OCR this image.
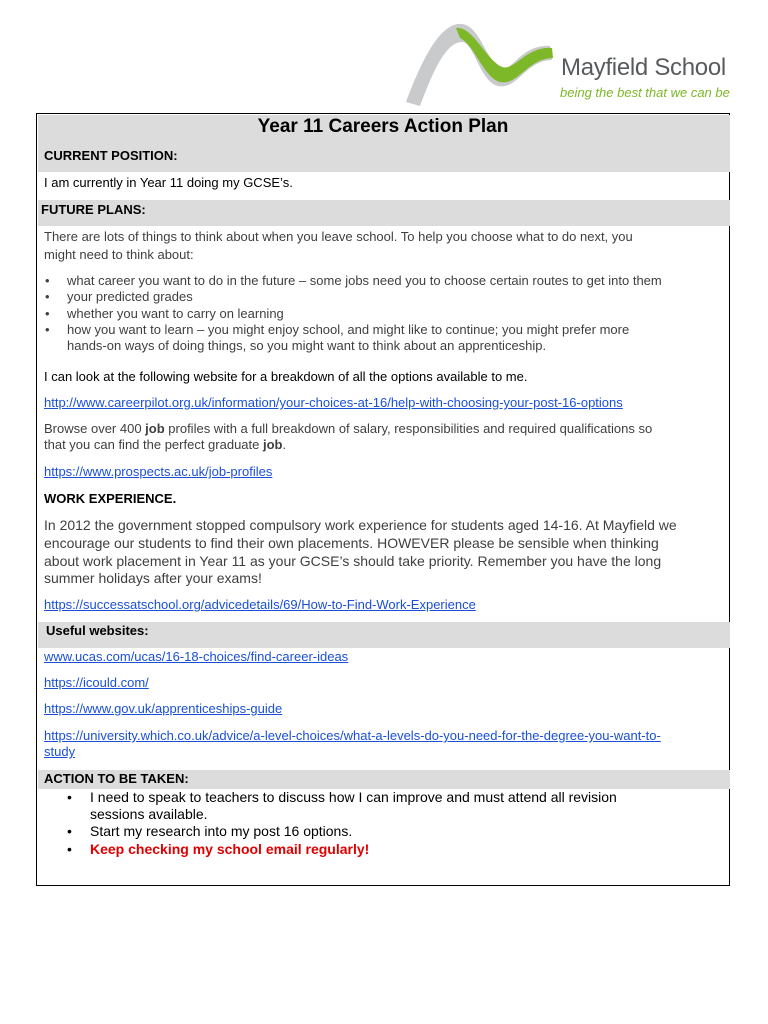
Mayfield School
being the best that we can be
Year 11 Careers Action Plan
CURRENT POSITION:
I am currently in Year 11 doing my GCSE’s.
FUTURE PLANS:
There are lots of things to think about when you leave school. To help you choose what to do next, you
might need to think about:
• what career you want to do in the future – some jobs need you to choose certain routes to get into them
• your predicted grades
• whether you want to carry on learning
• how you want to learn – you might enjoy school, and might like to continue; you might prefer more
hands-on ways of doing things, so you might want to think about an apprenticeship.
I can look at the following website for a breakdown of all the options available to me.
http://www.careerpilot.org.uk/information/your-choices-at-16/help-with-choosing-your-post-16-options
Browse over 400 job profiles with a full breakdown of salary, responsibilities and required qualifications so
that you can find the perfect graduate job.
https://www.prospects.ac.uk/job-profiles
WORK EXPERIENCE.
In 2012 the government stopped compulsory work experience for students aged 14-16. At Mayfield we
encourage our students to find their own placements. HOWEVER please be sensible when thinking
about work placement in Year 11 as your GCSE’s should take priority. Remember you have the long
summer holidays after your exams!
https://successatschool.org/advicedetails/69/How-to-Find-Work-Experience
Useful websites:
www.ucas.com/ucas/16-18-choices/find-career-ideas
https://icould.com/
https://www.gov.uk/apprenticeships-guide
https://university.which.co.uk/advice/a-level-choices/what-a-levels-do-you-need-for-the-degree-you-want-to-
study
ACTION TO BE TAKEN:
• I need to speak to teachers to discuss how I can improve and must attend all revision
sessions available.
• Start my research into my post 16 options.
• Keep checking my school email regularly!
